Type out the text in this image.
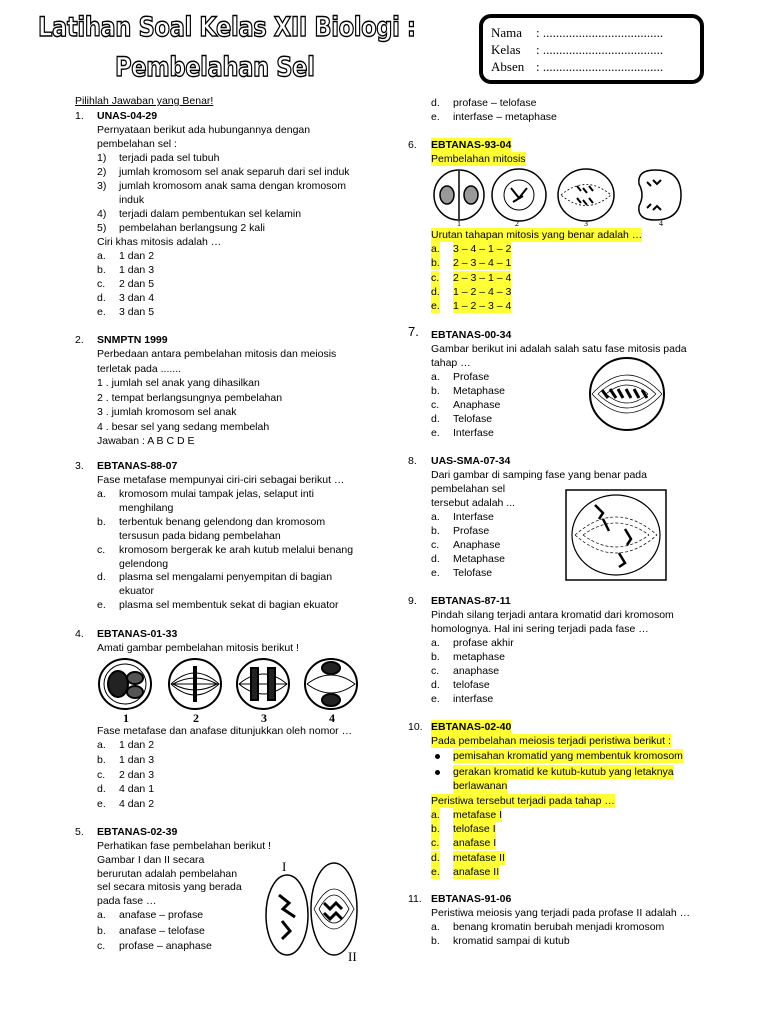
Latihan Soal Kelas XII Biologi :
Pembelahan Sel
Nama : .....................................
Kelas : .....................................
Absen : .....................................
Pilihlah Jawaban yang Benar!
1. UNAS-04-29
Pernyataan berikut ada hubungannya dengan
pembelahan sel :
1) terjadi pada sel tubuh
2) jumlah kromosom sel anak separuh dari sel induk
3) jumlah kromosom anak sama dengan kromosom
induk
4) terjadi dalam pembentukan sel kelamin
5) pembelahan berlangsung 2 kali
Ciri khas mitosis adalah …
a. 1 dan 2
b. 1 dan 3
c. 2 dan 5
d. 3 dan 4
e. 3 dan 5
2. SNMPTN 1999
Perbedaan antara pembelahan mitosis dan meiosis
terletak pada .......
1 . jumlah sel anak yang dihasilkan
2 . tempat berlangsungnya pembelahan
3 . jumlah kromosom sel anak
4 . besar sel yang sedang membelah
Jawaban : A B C D E
3. EBTANAS-88-07
Fase metafase mempunyai ciri-ciri sebagai berikut …
a. kromosom mulai tampak jelas, selaput inti
menghilang
b. terbentuk benang gelendong dan kromosom
tersusun pada bidang pembelahan
c. kromosom bergerak ke arah kutub melalui benang
gelendong
d. plasma sel mengalami penyempitan di bagian
ekuator
e. plasma sel membentuk sekat di bagian ekuator
4. EBTANAS-01-33
Amati gambar pembelahan mitosis berikut !
1	2	3	4
Fase metafase dan anafase ditunjukkan oleh nomor …
a. 1 dan 2
b. 1 dan 3
c. 2 dan 3
d. 4 dan 1
e. 4 dan 2
5. EBTANAS-02-39
Perhatikan fase pembelahan berikut !
Gambar I dan II secara
berurutan adalah pembelahan
sel secara mitosis yang berada
pada fase …
I
II
a. anafase – profase
b. anafase – telofase
c. profase – anaphase
d. profase – telofase
e. interfase – metaphase
6. EBTANAS-93-04
Pembelahan mitosis
1	2	3	4
Urutan tahapan mitosis yang benar adalah …
a. 3 – 4 – 1 – 2
b. 2 – 3 – 4 – 1
c. 2 – 3 – 1 – 4
d. 1 – 2 – 4 – 3
e. 1 – 2 – 3 – 4
7. EBTANAS-00-34
Gambar berikut ini adalah salah satu fase mitosis pada
tahap …
a. Profase
b. Metaphase
c. Anaphase
d. Telofase
e. Interfase
8. UAS-SMA-07-34
Dari gambar di samping fase yang benar pada
pembelahan sel
tersebut adalah ...
a. Interfase
b. Profase
c. Anaphase
d. Metaphase
e. Telofase
9. EBTANAS-87-11
Pindah silang terjadi antara kromatid dari kromosom
homolognya. Hal ini sering terjadi pada fase …
a. profase akhir
b. metaphase
c. anaphase
d. telofase
e. interfase
10. EBTANAS-02-40
Pada pembelahan meiosis terjadi peristiwa berikut :
pemisahan kromatid yang membentuk kromosom
gerakan kromatid ke kutub-kutub yang letaknya
berlawanan
Peristiwa tersebut terjadi pada tahap …
a. metafase I
b. telofase I
c. anafase I
d. metafase II
e. anafase II
11. EBTANAS-91-06
Peristiwa meiosis yang terjadi pada profase II adalah …
a. benang kromatin berubah menjadi kromosom
b. kromatid sampai di kutub
